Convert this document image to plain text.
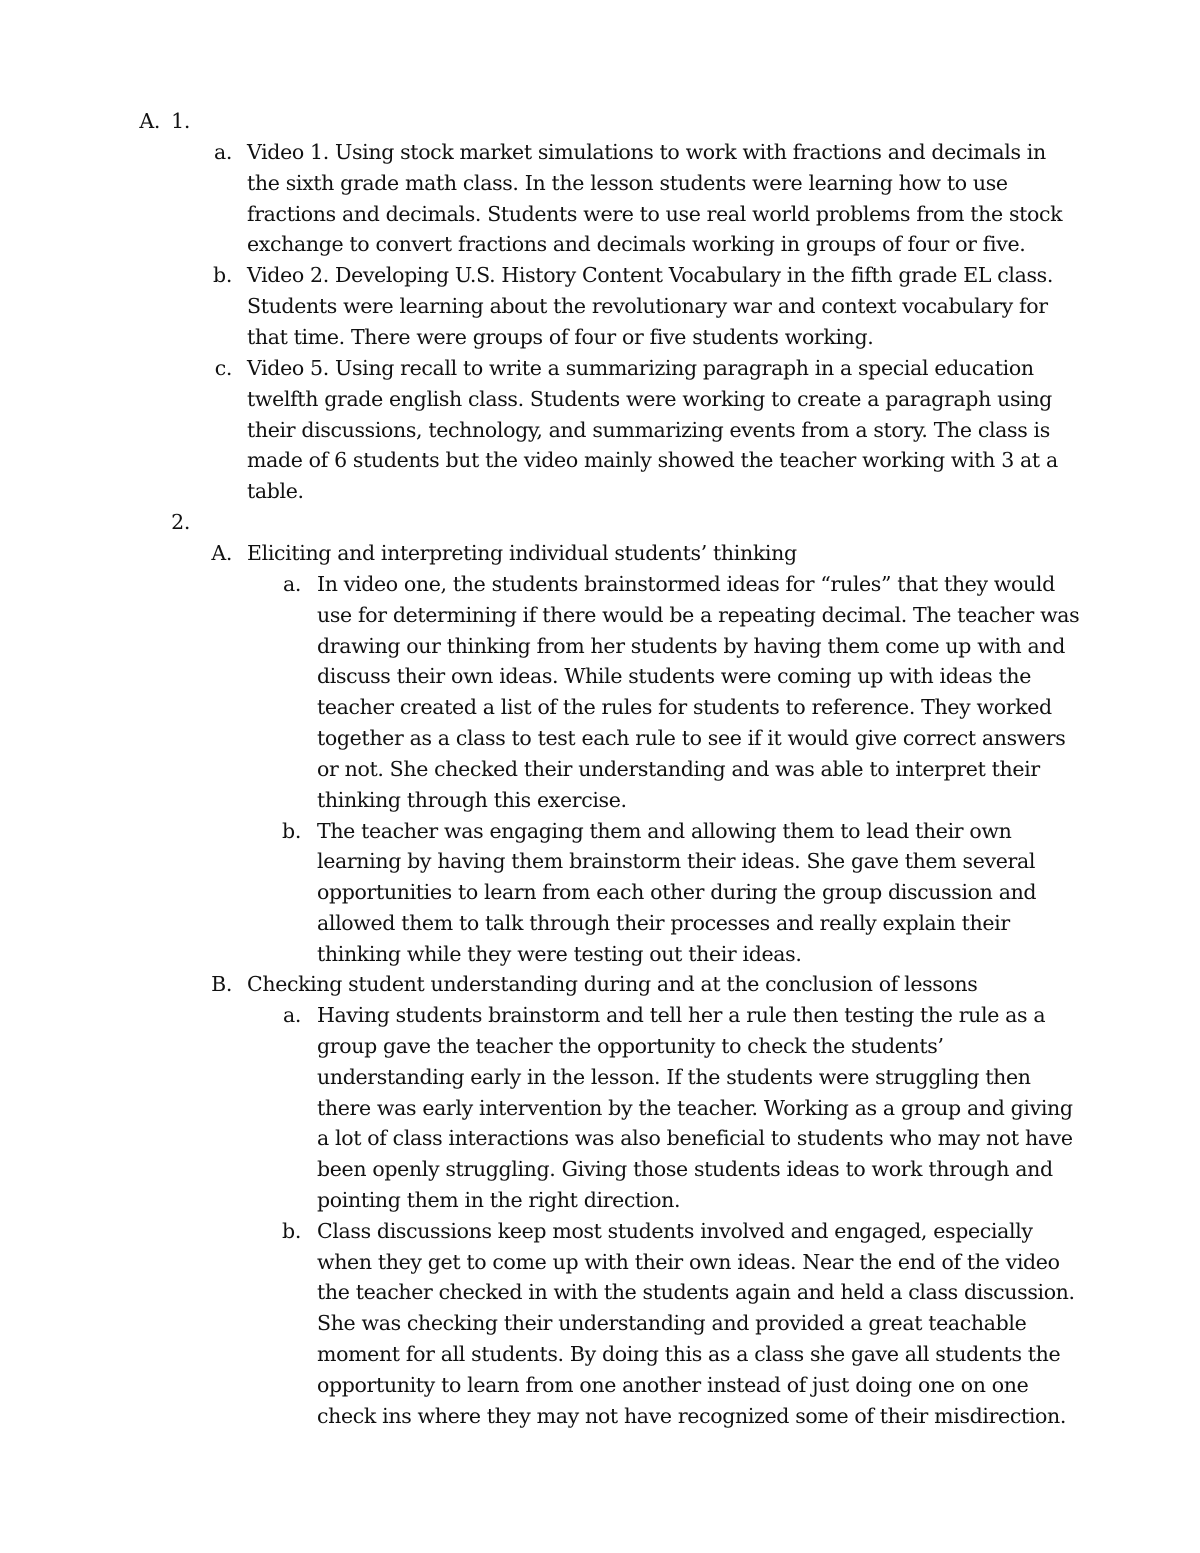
A. 1.
a. Video 1. Using stock market simulations to work with fractions and decimals in
the sixth grade math class. In the lesson students were learning how to use
fractions and decimals. Students were to use real world problems from the stock
exchange to convert fractions and decimals working in groups of four or five.
b. Video 2. Developing U.S. History Content Vocabulary in the fifth grade EL class.
Students were learning about the revolutionary war and context vocabulary for
that time. There were groups of four or five students working.
c. Video 5. Using recall to write a summarizing paragraph in a special education
twelfth grade english class. Students were working to create a paragraph using
their discussions, technology, and summarizing events from a story. The class is
made of 6 students but the video mainly showed the teacher working with 3 at a
table.
2.
A. Eliciting and interpreting individual students’ thinking
a. In video one, the students brainstormed ideas for “rules” that they would
use for determining if there would be a repeating decimal. The teacher was
drawing our thinking from her students by having them come up with and
discuss their own ideas. While students were coming up with ideas the
teacher created a list of the rules for students to reference. They worked
together as a class to test each rule to see if it would give correct answers
or not. She checked their understanding and was able to interpret their
thinking through this exercise.
b. The teacher was engaging them and allowing them to lead their own
learning by having them brainstorm their ideas. She gave them several
opportunities to learn from each other during the group discussion and
allowed them to talk through their processes and really explain their
thinking while they were testing out their ideas.
B. Checking student understanding during and at the conclusion of lessons
a. Having students brainstorm and tell her a rule then testing the rule as a
group gave the teacher the opportunity to check the students’
understanding early in the lesson. If the students were struggling then
there was early intervention by the teacher. Working as a group and giving
a lot of class interactions was also beneficial to students who may not have
been openly struggling. Giving those students ideas to work through and
pointing them in the right direction.
b. Class discussions keep most students involved and engaged, especially
when they get to come up with their own ideas. Near the end of the video
the teacher checked in with the students again and held a class discussion.
She was checking their understanding and provided a great teachable
moment for all students. By doing this as a class she gave all students the
opportunity to learn from one another instead of just doing one on one
check ins where they may not have recognized some of their misdirection.
